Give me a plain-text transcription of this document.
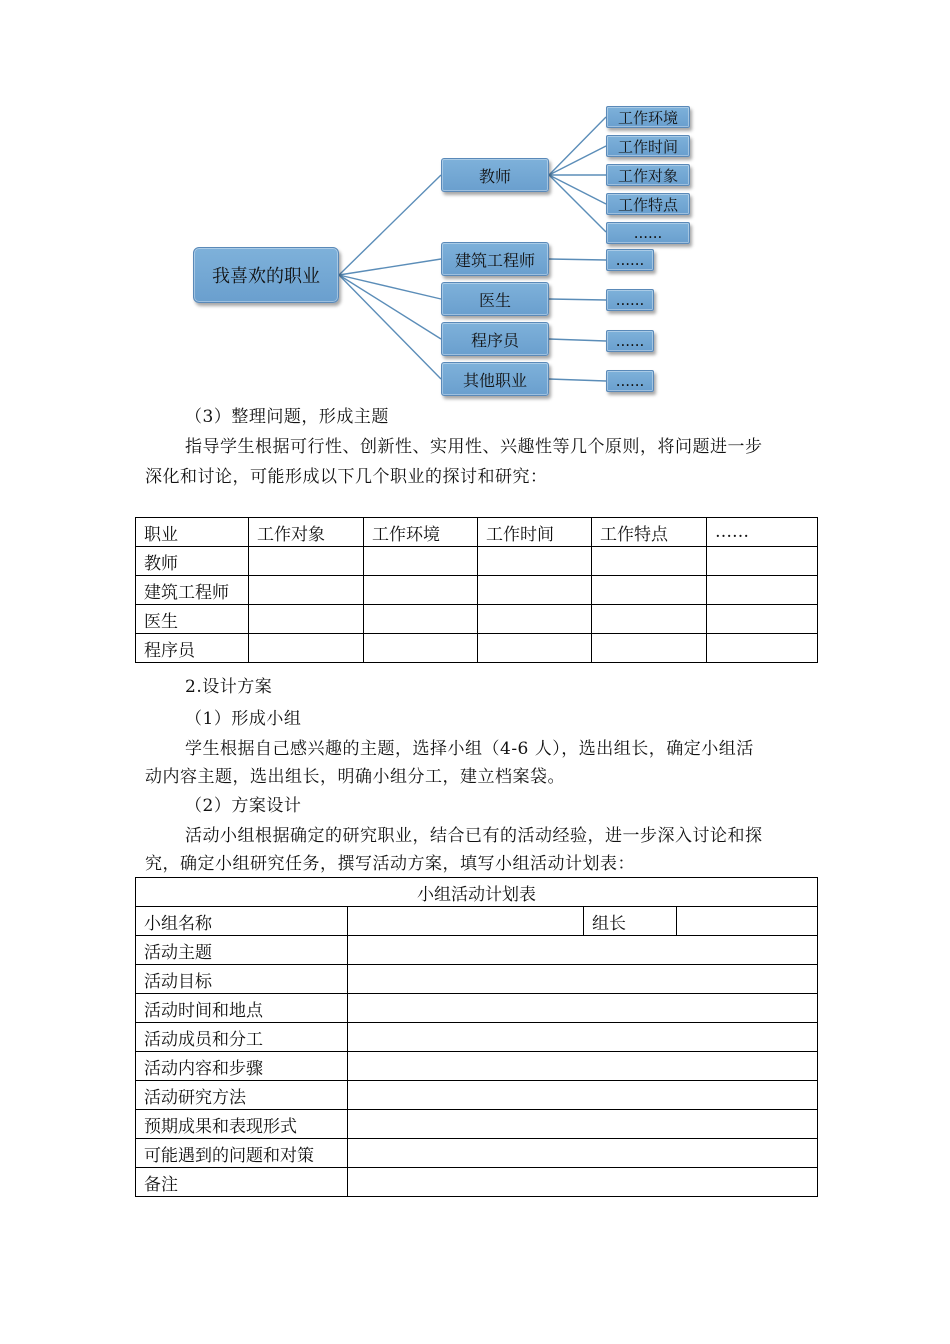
我喜欢的职业
教师
建筑工程师
医生
程序员
其他职业
工作环境
工作时间
工作对象
工作特点
......
......
......
......
......
（3）整理问题，形成主题
指导学生根据可行性、创新性、实用性、兴趣性等几个原则，将问题进一步
深化和讨论，可能形成以下几个职业的探讨和研究：
职业	工作对象	工作环境	工作时间	工作特点	……
教师					
建筑工程师					
医生					
程序员					
2.设计方案
（1）形成小组
学生根据自己感兴趣的主题，选择小组（4-6 人），选出组长，确定小组活
动内容主题，选出组长，明确小组分工，建立档案袋。
（2）方案设计
活动小组根据确定的研究职业，结合已有的活动经验，进一步深入讨论和探
究，确定小组研究任务，撰写活动方案，填写小组活动计划表：
小组活动计划表			
小组名称		组长	
活动主题			
活动目标			
活动时间和地点			
活动成员和分工			
活动内容和步骤			
活动研究方法			
预期成果和表现形式			
可能遇到的问题和对策			
备注			
